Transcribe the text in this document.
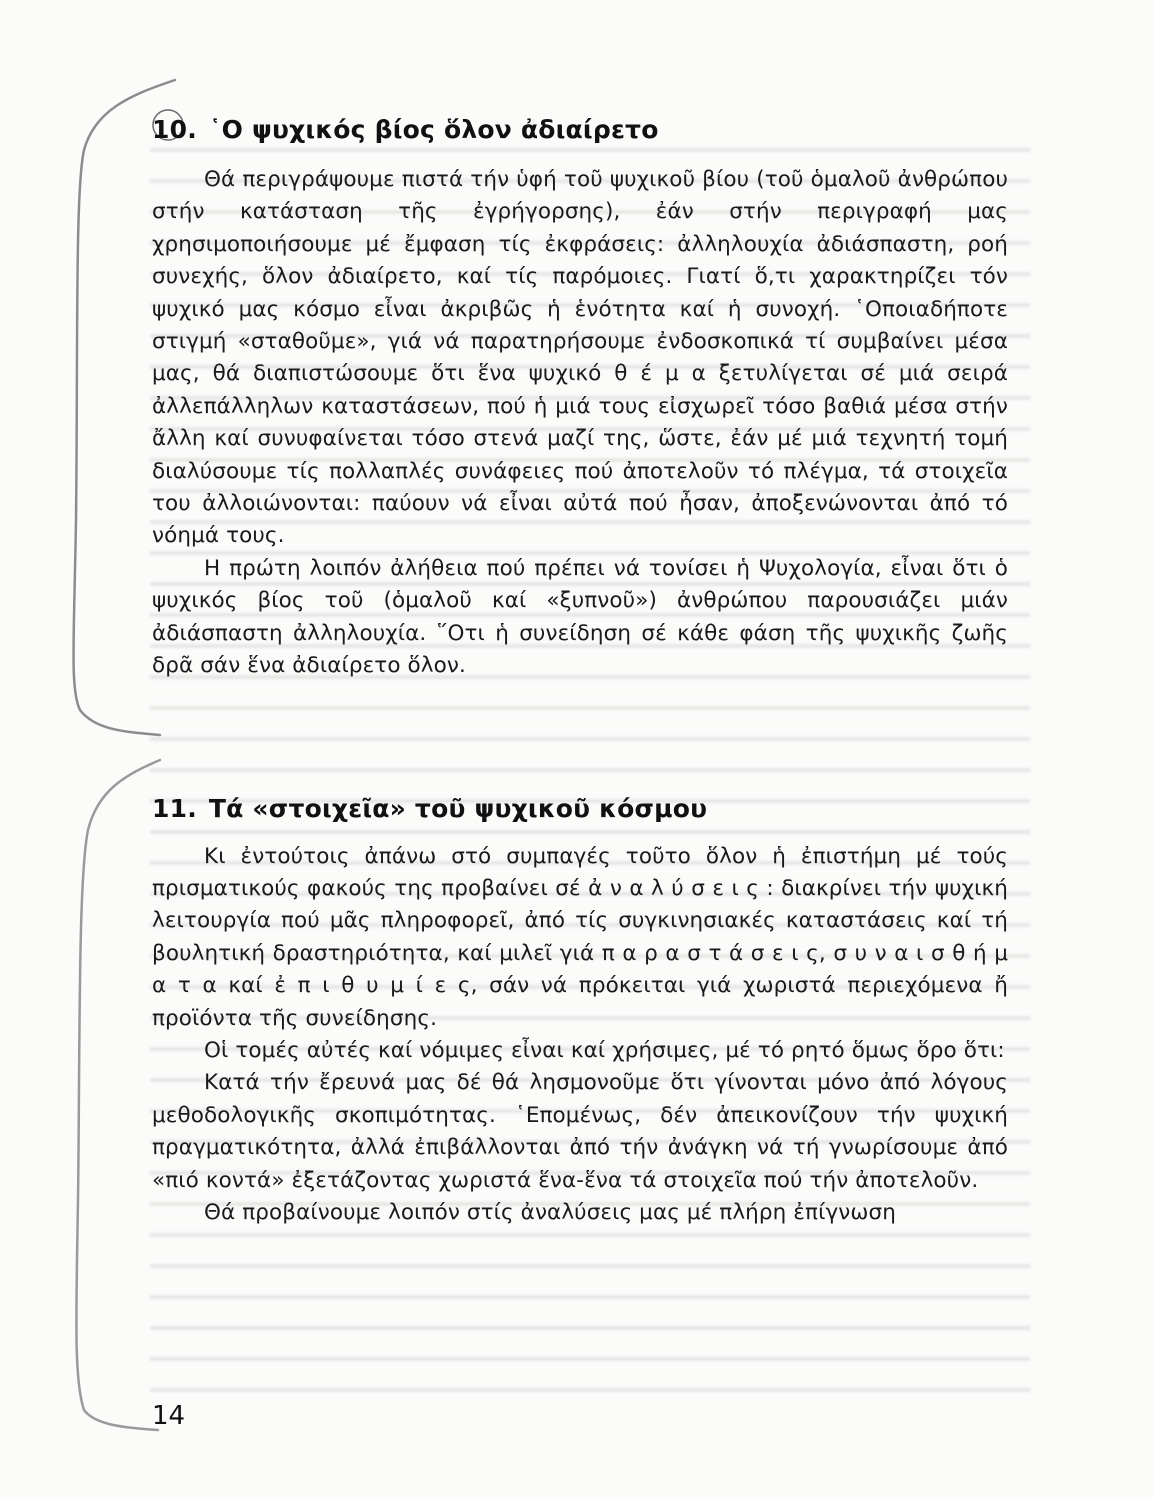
10. ῾Ο ψυχικός βίος ὅλον ἀδιαίρετο

Θά περιγράψουμε πιστά τήν ὑφή τοῦ ψυχικοῦ βίου (τοῦ ὁμαλοῦ ἀνθρώπου στήν κατάσταση τῆς ἐγρήγορσης), ἐάν στήν περιγραφή μας χρησιμοποιήσουμε μέ ἔμφαση τίς ἐκφράσεις: ἀλληλουχία ἀδιάσπαστη, ροή συνεχής, ὅλον ἀδιαίρετο, καί τίς παρόμοιες. Γιατί ὅ,τι χαρακτηρίζει τόν ψυχικό μας κόσμο εἶναι ἀκριβῶς ἡ ἑνότητα καί ἡ συνοχή. ῾Οποιαδήποτε στιγμή «σταθοῦμε», γιά νά παρατηρήσουμε ἐνδοσκοπικά τί συμβαίνει μέσα μας, θά διαπιστώσουμε ὅτι ἕνα ψυχικό θ έ μ α ξετυλίγεται σέ μιά σειρά ἀλλεπάλληλων καταστάσεων, πού ἡ μιά τους εἰσχωρεῖ τόσο βαθιά μέσα στήν ἄλλη καί συνυφαίνεται τόσο στενά μαζί της, ὥστε, ἐάν μέ μιά τεχνητή τομή διαλύσουμε τίς πολλαπλές συνάφειες πού ἀποτελοῦν τό πλέγμα, τά στοιχεῖα του ἀλλοιώνονται: παύουν νά εἶναι αὐτά πού ἦσαν, ἀποξενώνονται ἀπό τό νόημά τους.

Η πρώτη λοιπόν ἀλήθεια πού πρέπει νά τονίσει ἡ Ψυχολογία, εἶναι ὅτι ὁ ψυχικός βίος τοῦ (ὁμαλοῦ καί «ξυπνοῦ») ἀνθρώπου παρουσιάζει μιάν ἀδιάσπαστη ἀλληλουχία. ῞Οτι ἡ συνείδηση σέ κάθε φάση τῆς ψυχικῆς ζωῆς δρᾶ σάν ἕνα ἀδιαίρετο ὅλον.

11. Τά «στοιχεῖα» τοῦ ψυχικοῦ κόσμου

Κι ἐντούτοις ἀπάνω στό συμπαγές τοῦτο ὅλον ἡ ἐπιστήμη μέ τούς πρισματικούς φακούς της προβαίνει σέ ἀ ν α λ ύ σ ε ι ς : διακρίνει τήν ψυχική λειτουργία πού μᾶς πληροφορεῖ, ἀπό τίς συγκινησιακές καταστάσεις καί τή βουλητική δραστηριότητα, καί μιλεῖ γιά π α ρ α σ τ ά σ ε ι ς, σ υ ν α ι σ θ ή μ α τ α καί ἐ π ι θ υ μ ί ε ς, σάν νά πρόκειται γιά χωριστά περιεχόμενα ἤ προϊόντα τῆς συνείδησης.

Οἱ τομές αὐτές καί νόμιμες εἶναι καί χρήσιμες, μέ τό ρητό ὅμως ὅρο ὅτι:

Κατά τήν ἔρευνά μας δέ θά λησμονοῦμε ὅτι γίνονται μόνο ἀπό λόγους μεθοδολογικῆς σκοπιμότητας. ῾Επομένως, δέν ἀπεικονίζουν τήν ψυχική πραγματικότητα, ἀλλά ἐπιβάλλονται ἀπό τήν ἀνάγκη νά τή γνωρίσουμε ἀπό «πιό κοντά» ἐξετάζοντας χωριστά ἕνα-ἕνα τά στοιχεῖα πού τήν ἀποτελοῦν.

Θά προβαίνουμε λοιπόν στίς ἀναλύσεις μας μέ πλήρη ἐπίγνωση

14
